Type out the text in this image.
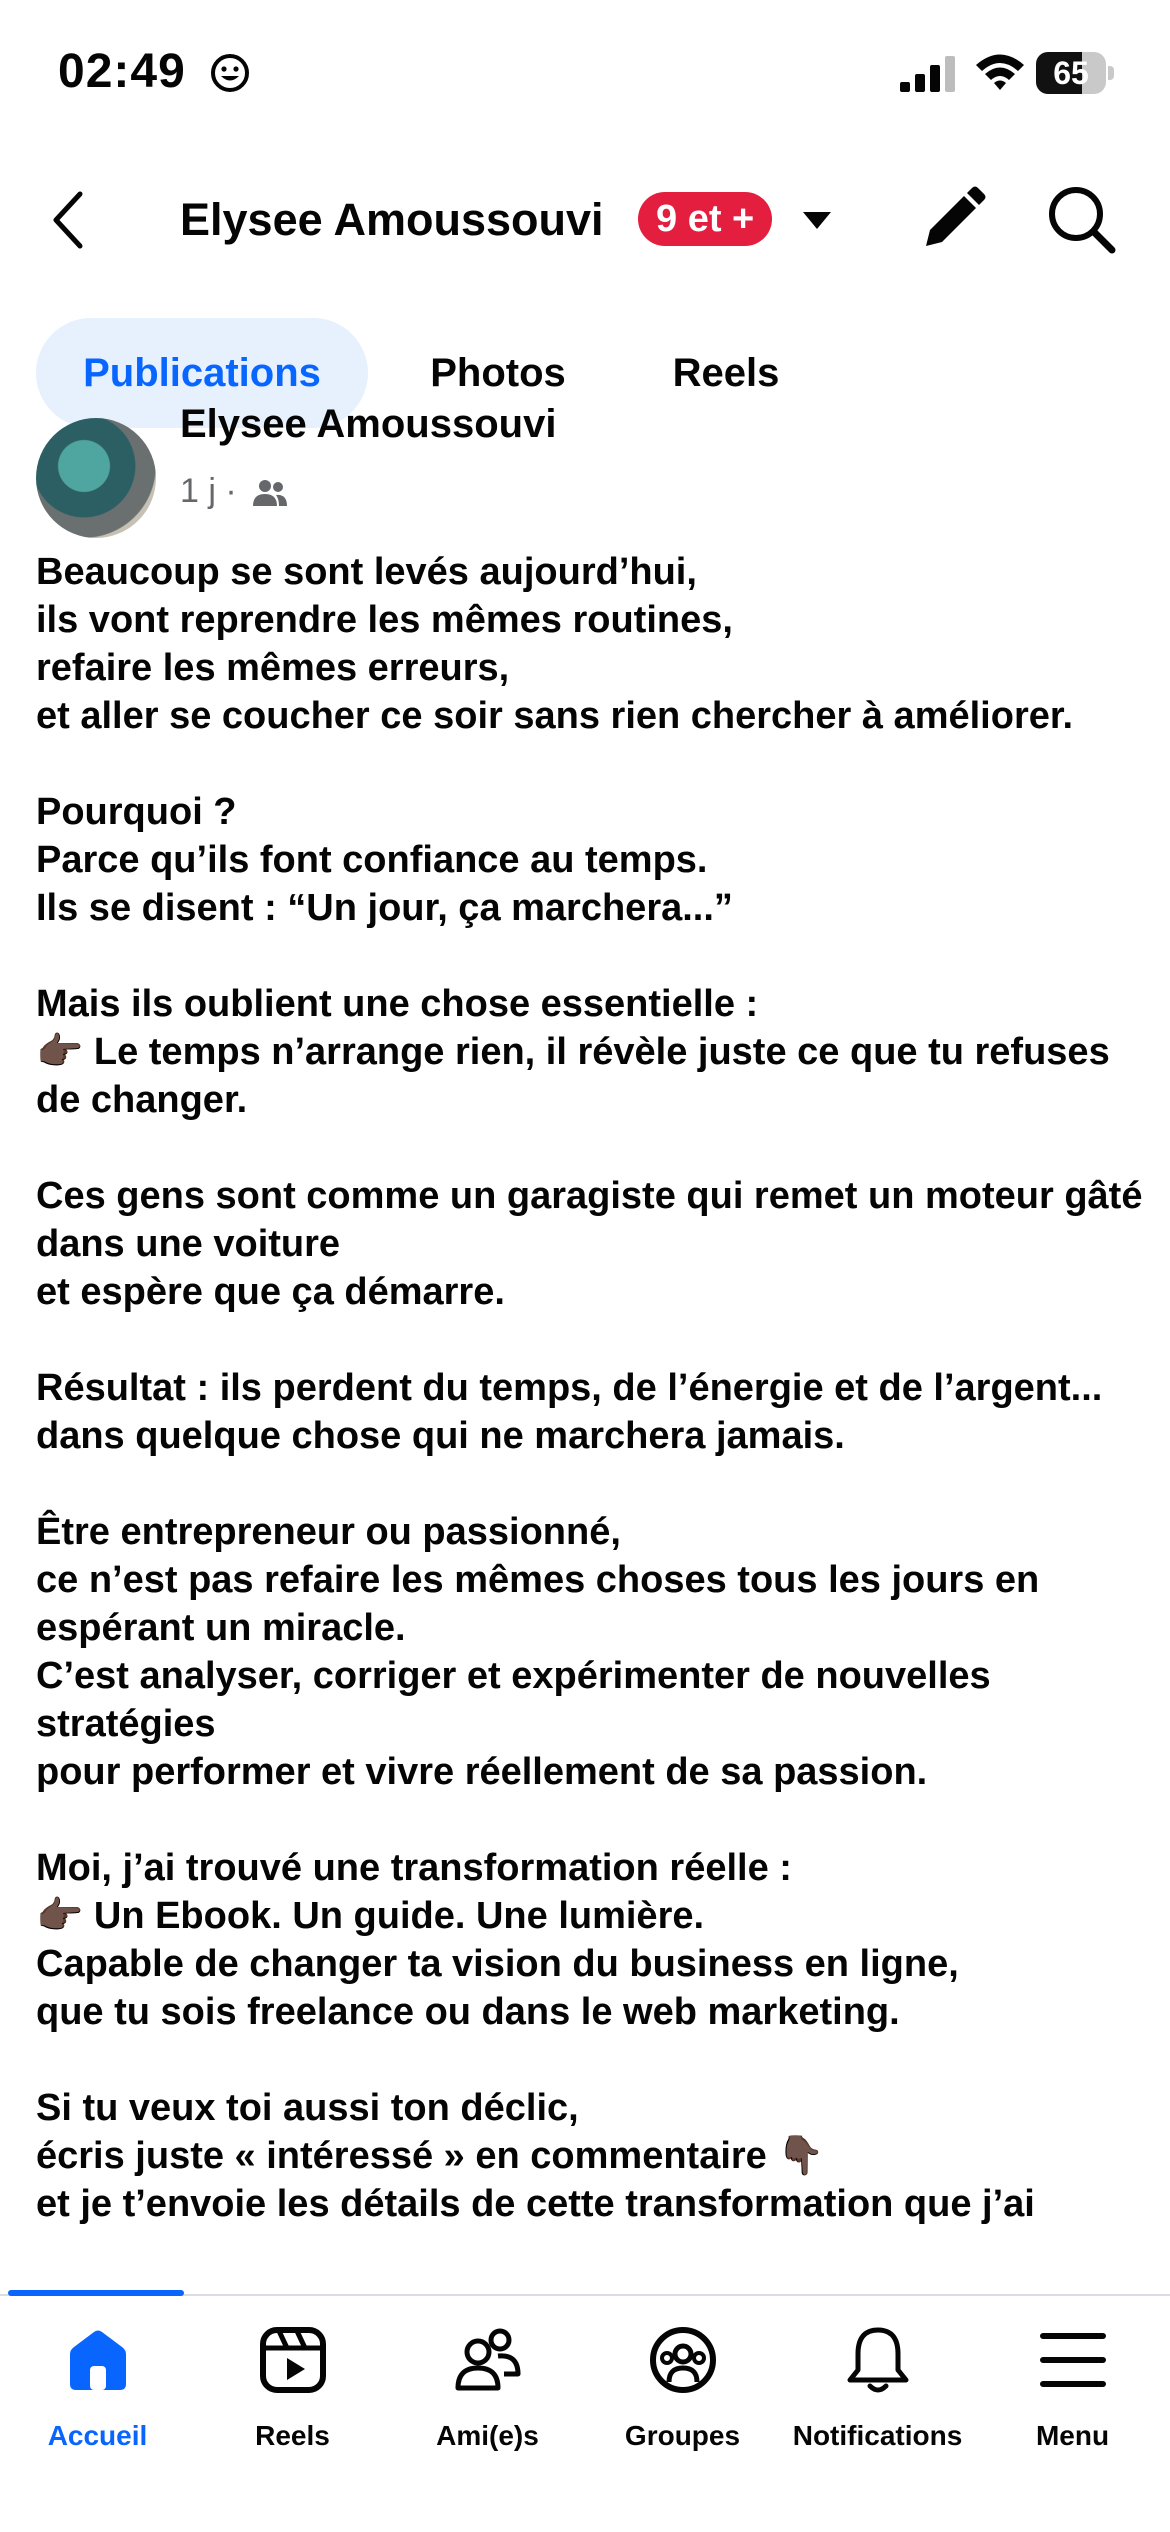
02:49	65
Elysee Amoussouvi	9 et +
Publications	Photos	Reels
Elysee Amoussouvi
1 j ·

Beaucoup se sont levés aujourd’hui,
ils vont reprendre les mêmes routines,
refaire les mêmes erreurs,
et aller se coucher ce soir sans rien chercher à améliorer.

Pourquoi ?
Parce qu’ils font confiance au temps.
Ils se disent : “Un jour, ça marchera...”

Mais ils oublient une chose essentielle :
👉🏿 Le temps n’arrange rien, il révèle juste ce que tu refuses de changer.

Ces gens sont comme un garagiste qui remet un moteur gâté dans une voiture
et espère que ça démarre.

Résultat : ils perdent du temps, de l’énergie et de l’argent...
dans quelque chose qui ne marchera jamais.

Être entrepreneur ou passionné,
ce n’est pas refaire les mêmes choses tous les jours en espérant un miracle.
C’est analyser, corriger et expérimenter de nouvelles stratégies
pour performer et vivre réellement de sa passion.

Moi, j’ai trouvé une transformation réelle :
👉🏿 Un Ebook. Un guide. Une lumière.
Capable de changer ta vision du business en ligne,
que tu sois freelance ou dans le web marketing.

Si tu veux toi aussi ton déclic,
écris juste « intéressé » en commentaire 👇🏿
et je t’envoie les détails de cette transformation que j’ai

Accueil	Reels	Ami(e)s	Groupes	Notifications	Menu
